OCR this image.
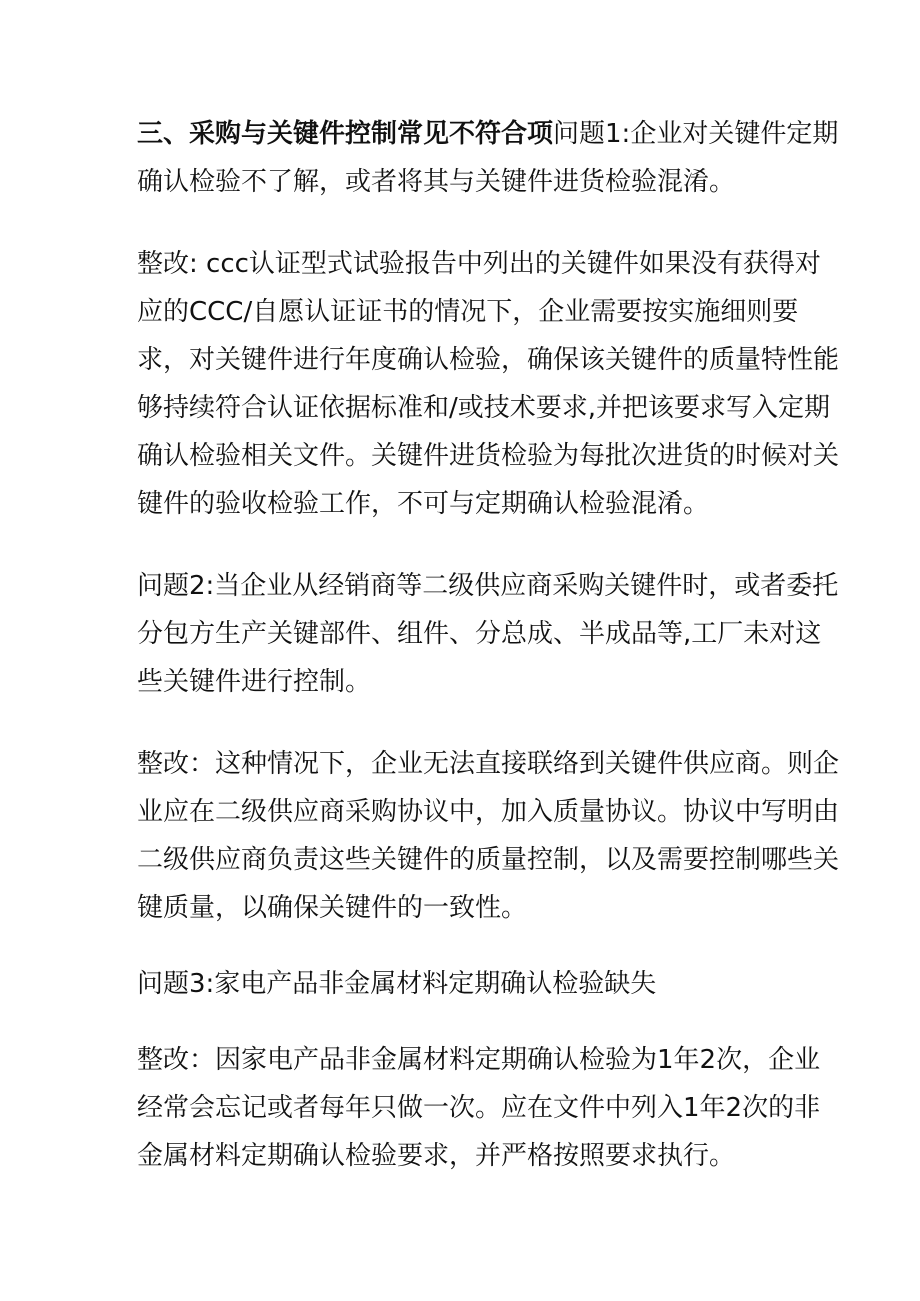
三、采购与关键件控制常见不符合项问题1:企业对关键件定期确认检验不了解，或者将其与关键件进货检验混淆。

整改: ccc认证型式试验报告中列出的关键件如果没有获得对应的CCC/自愿认证证书的情况下，企业需要按实施细则要求，对关键件进行年度确认检验，确保该关键件的质量特性能够持续符合认证依据标准和/或技术要求,并把该要求写入定期确认检验相关文件。关键件进货检验为每批次进货的时候对关键件的验收检验工作，不可与定期确认检验混淆。

问题2:当企业从经销商等二级供应商采购关键件时，或者委托分包方生产关键部件、组件、分总成、半成品等,工厂未对这些关键件进行控制。

整改：这种情况下，企业无法直接联络到关键件供应商。则企业应在二级供应商采购协议中，加入质量协议。协议中写明由二级供应商负责这些关键件的质量控制，以及需要控制哪些关键质量，以确保关键件的一致性。

问题3:家电产品非金属材料定期确认检验缺失

整改：因家电产品非金属材料定期确认检验为1年2次，企业经常会忘记或者每年只做一次。应在文件中列入1年2次的非金属材料定期确认检验要求，并严格按照要求执行。
